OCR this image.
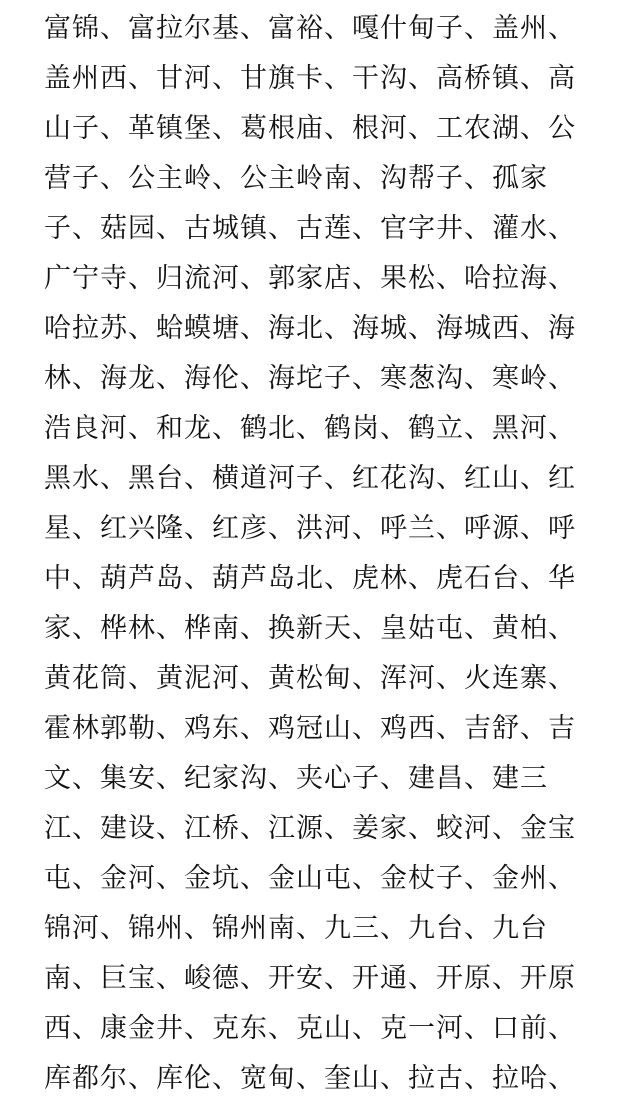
富锦、富拉尔基、富裕、嘎什甸子、盖州、
盖州西、甘河、甘旗卡、干沟、高桥镇、高
山子、革镇堡、葛根庙、根河、工农湖、公
营子、公主岭、公主岭南、沟帮子、孤家
子、菇园、古城镇、古莲、官字井、灌水、
广宁寺、归流河、郭家店、果松、哈拉海、
哈拉苏、蛤蟆塘、海北、海城、海城西、海
林、海龙、海伦、海坨子、寒葱沟、寒岭、
浩良河、和龙、鹤北、鹤岗、鹤立、黑河、
黑水、黑台、横道河子、红花沟、红山、红
星、红兴隆、红彦、洪河、呼兰、呼源、呼
中、葫芦岛、葫芦岛北、虎林、虎石台、华
家、桦林、桦南、换新天、皇姑屯、黄柏、
黄花筒、黄泥河、黄松甸、浑河、火连寨、
霍林郭勒、鸡东、鸡冠山、鸡西、吉舒、吉
文、集安、纪家沟、夹心子、建昌、建三
江、建设、江桥、江源、姜家、蛟河、金宝
屯、金河、金坑、金山屯、金杖子、金州、
锦河、锦州、锦州南、九三、九台、九台
南、巨宝、峻德、开安、开通、开原、开原
西、康金井、克东、克山、克一河、口前、
库都尔、库伦、宽甸、奎山、拉古、拉哈、
